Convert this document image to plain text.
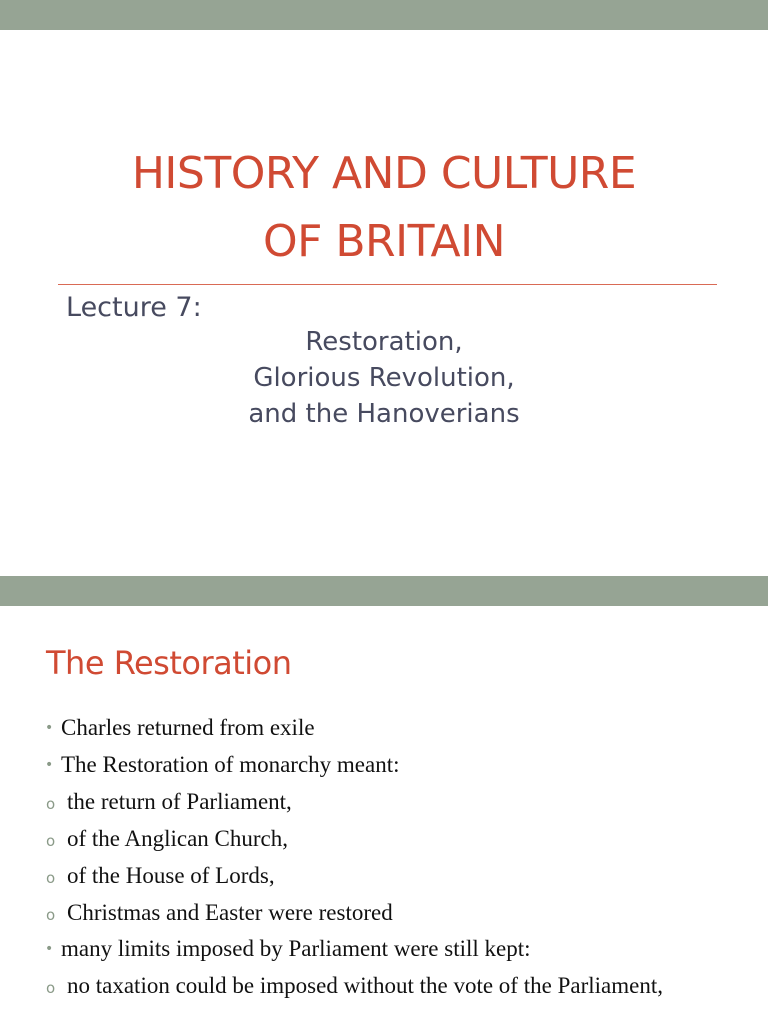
HISTORY AND CULTURE
OF BRITAIN
Lecture 7:
Restoration,
Glorious Revolution,
and the Hanoverians
The Restoration
• Charles returned from exile
• The Restoration of monarchy meant:
o the return of Parliament,
o of the Anglican Church,
o of the House of Lords,
o Christmas and Easter were restored
• many limits imposed by Parliament were still kept:
o no taxation could be imposed without the vote of the Parliament,
